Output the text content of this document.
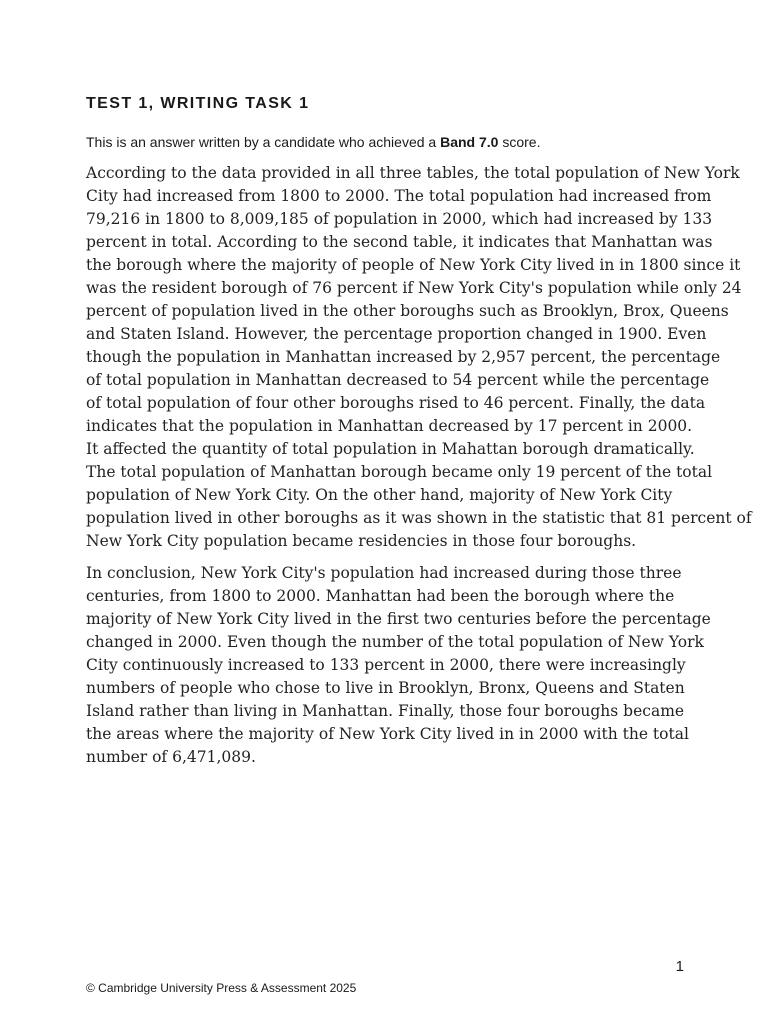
TEST 1, WRITING TASK 1

This is an answer written by a candidate who achieved a Band 7.0 score.

According to the data provided in all three tables, the total population of New York
City had increased from 1800 to 2000. The total population had increased from
79,216 in 1800 to 8,009,185 of population in 2000, which had increased by 133
percent in total. According to the second table, it indicates that Manhattan was
the borough where the majority of people of New York City lived in in 1800 since it
was the resident borough of 76 percent if New York City's population while only 24
percent of population lived in the other boroughs such as Brooklyn, Brox, Queens
and Staten Island. However, the percentage proportion changed in 1900. Even
though the population in Manhattan increased by 2,957 percent, the percentage
of total population in Manhattan decreased to 54 percent while the percentage
of total population of four other boroughs rised to 46 percent. Finally, the data
indicates that the population in Manhattan decreased by 17 percent in 2000.
It affected the quantity of total population in Mahattan borough dramatically.
The total population of Manhattan borough became only 19 percent of the total
population of New York City. On the other hand, majority of New York City
population lived in other boroughs as it was shown in the statistic that 81 percent of
New York City population became residencies in those four boroughs.

In conclusion, New York City's population had increased during those three
centuries, from 1800 to 2000. Manhattan had been the borough where the
majority of New York City lived in the first two centuries before the percentage
changed in 2000. Even though the number of the total population of New York
City continuously increased to 133 percent in 2000, there were increasingly
numbers of people who chose to live in Brooklyn, Bronx, Queens and Staten
Island rather than living in Manhattan. Finally, those four boroughs became
the areas where the majority of New York City lived in in 2000 with the total
number of 6,471,089.

1

© Cambridge University Press & Assessment 2025
